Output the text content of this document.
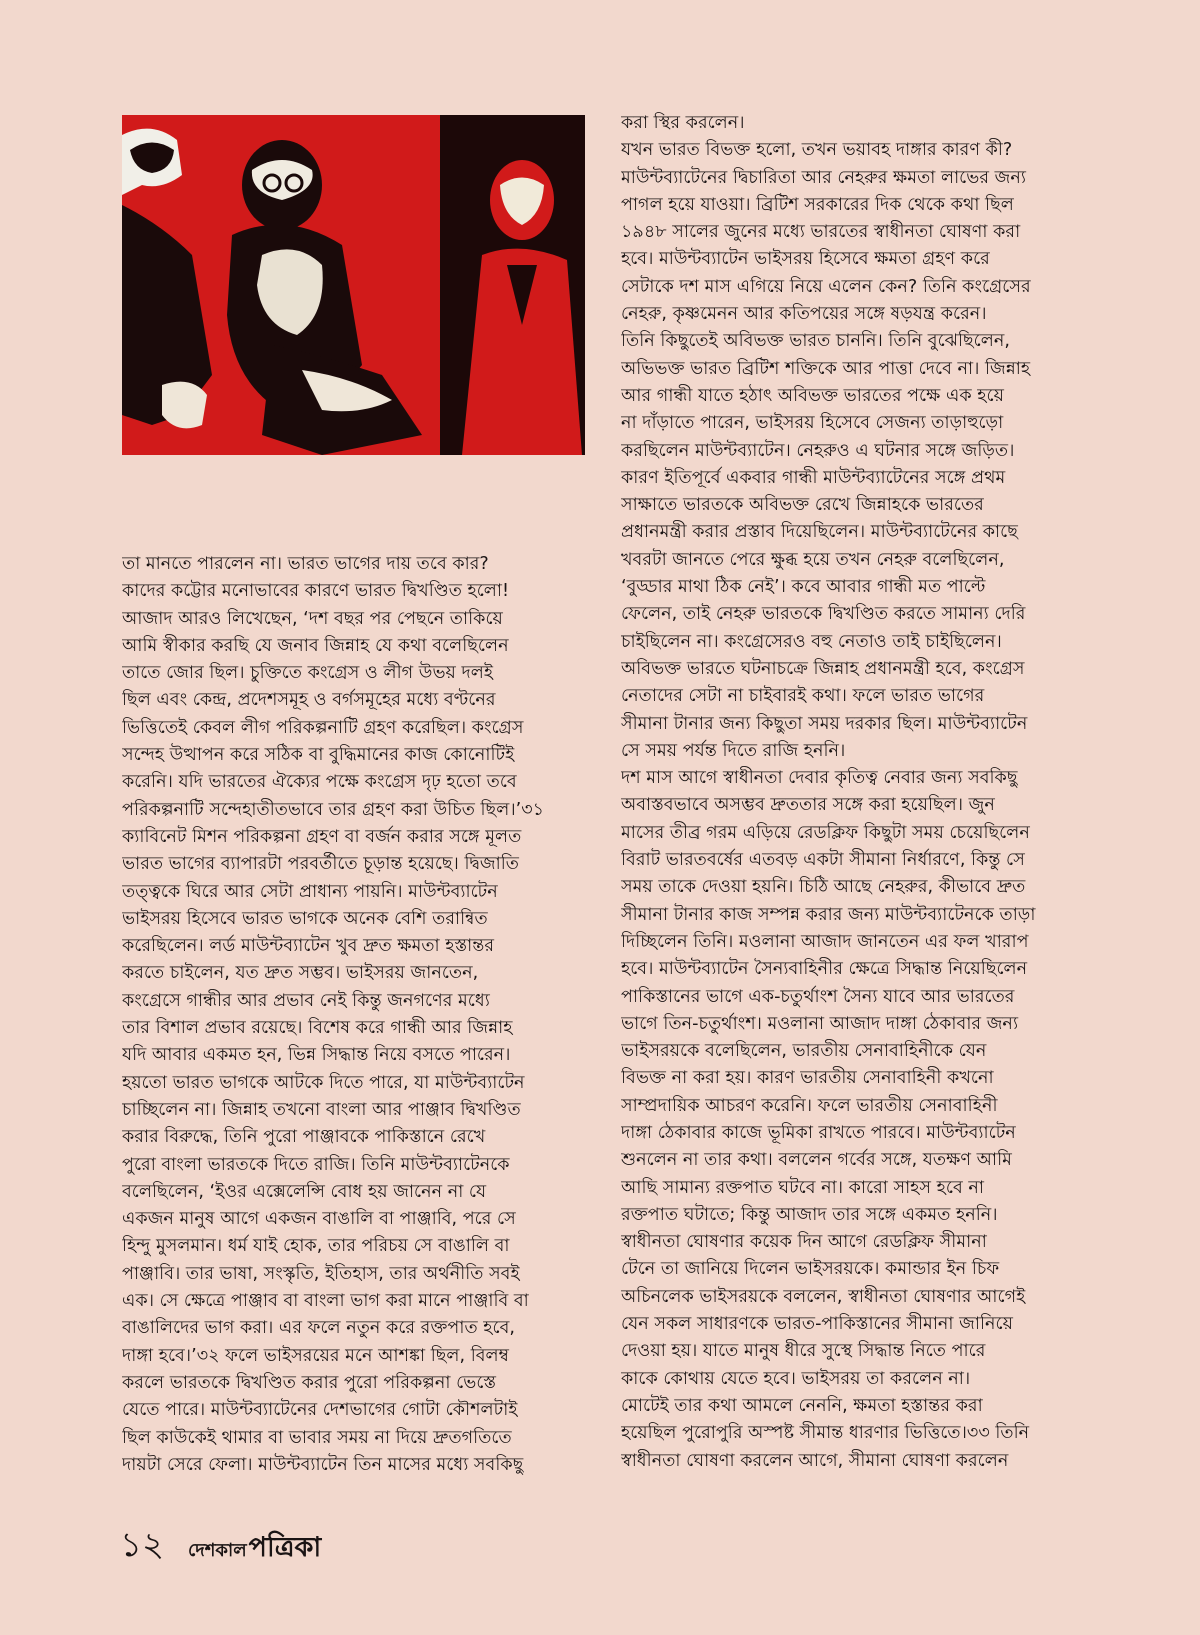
তা মানতে পারলেন না। ভারত ভাগের দায় তবে কার?
কাদের কট্টোর মনোভাবের কারণে ভারত দ্বিখণ্ডিত হলো!
আজাদ আরও লিখেছেন, ‘দশ বছর পর পেছনে তাকিয়ে
আমি স্বীকার করছি যে জনাব জিন্নাহ যে কথা বলেছিলেন
তাতে জোর ছিল। চুক্তিতে কংগ্রেস ও লীগ উভয় দলই
ছিল এবং কেন্দ্র, প্রদেশসমূহ ও বর্গসমূহের মধ্যে বণ্টনের
ভিত্তিতেই কেবল লীগ পরিকল্পনাটি গ্রহণ করেছিল। কংগ্রেস
সন্দেহ উত্থাপন করে সঠিক বা বুদ্ধিমানের কাজ কোনোটিই
করেনি। যদি ভারতের ঐক্যের পক্ষে কংগ্রেস দৃঢ় হতো তবে
পরিকল্পনাটি সন্দেহাতীতভাবে তার গ্রহণ করা উচিত ছিল।’৩১
ক্যাবিনেট মিশন পরিকল্পনা গ্রহণ বা বর্জন করার সঙ্গে মূলত
ভারত ভাগের ব্যাপারটা পরবর্তীতে চূড়ান্ত হয়েছে। দ্বিজাতি
তত্ত্বকে ঘিরে আর সেটা প্রাধান্য পায়নি। মাউন্টব্যাটেন
ভাইসরয় হিসেবে ভারত ভাগকে অনেক বেশি তরান্বিত
করেছিলেন। লর্ড মাউন্টব্যাটেন খুব দ্রুত ক্ষমতা হস্তান্তর
করতে চাইলেন, যত দ্রুত সম্ভব। ভাইসরয় জানতেন,
কংগ্রেসে গান্ধীর আর প্রভাব নেই কিন্তু জনগণের মধ্যে
তার বিশাল প্রভাব রয়েছে। বিশেষ করে গান্ধী আর জিন্নাহ
যদি আবার একমত হন, ভিন্ন সিদ্ধান্ত নিয়ে বসতে পারেন।
হয়তো ভারত ভাগকে আটকে দিতে পারে, যা মাউন্টব্যাটেন
চাচ্ছিলেন না। জিন্নাহ তখনো বাংলা আর পাঞ্জাব দ্বিখণ্ডিত
করার বিরুদ্ধে, তিনি পুরো পাঞ্জাবকে পাকিস্তানে রেখে
পুরো বাংলা ভারতকে দিতে রাজি। তিনি মাউন্টব্যাটেনকে
বলেছিলেন, ‘ইওর এক্সেলেন্সি বোধ হয় জানেন না যে
একজন মানুষ আগে একজন বাঙালি বা পাঞ্জাবি, পরে সে
হিন্দু মুসলমান। ধর্ম যাই হোক, তার পরিচয় সে বাঙালি বা
পাঞ্জাবি। তার ভাষা, সংস্কৃতি, ইতিহাস, তার অর্থনীতি সবই
এক। সে ক্ষেত্রে পাঞ্জাব বা বাংলা ভাগ করা মানে পাঞ্জাবি বা
বাঙালিদের ভাগ করা। এর ফলে নতুন করে রক্তপাত হবে,
দাঙ্গা হবে।’৩২ ফলে ভাইসরয়ের মনে আশঙ্কা ছিল, বিলম্ব
করলে ভারতকে দ্বিখণ্ডিত করার পুরো পরিকল্পনা ভেস্তে
যেতে পারে। মাউন্টব্যাটেনের দেশভাগের গোটা কৌশলটাই
ছিল কাউকেই থামার বা ভাবার সময় না দিয়ে দ্রুতগতিতে
দায়টা সেরে ফেলা। মাউন্টব্যাটেন তিন মাসের মধ্যে সবকিছু
করা স্থির করলেন।
যখন ভারত বিভক্ত হলো, তখন ভয়াবহ দাঙ্গার কারণ কী?
মাউন্টব্যাটেনের দ্বিচারিতা আর নেহরুর ক্ষমতা লাভের জন্য
পাগল হয়ে যাওয়া। ব্রিটিশ সরকারের দিক থেকে কথা ছিল
১৯৪৮ সালের জুনের মধ্যে ভারতের স্বাধীনতা ঘোষণা করা
হবে। মাউন্টব্যাটেন ভাইসরয় হিসেবে ক্ষমতা গ্রহণ করে
সেটাকে দশ মাস এগিয়ে নিয়ে এলেন কেন? তিনি কংগ্রেসের
নেহরু, কৃষ্ণমেনন আর কতিপয়ের সঙ্গে ষড়যন্ত্র করেন।
তিনি কিছুতেই অবিভক্ত ভারত চাননি। তিনি বুঝেছিলেন,
অভিভক্ত ভারত ব্রিটিশ শক্তিকে আর পাত্তা দেবে না। জিন্নাহ
আর গান্ধী যাতে হঠাৎ অবিভক্ত ভারতের পক্ষে এক হয়ে
না দাঁড়াতে পারেন, ভাইসরয় হিসেবে সেজন্য তাড়াহুড়ো
করছিলেন মাউন্টব্যাটেন। নেহরুও এ ঘটনার সঙ্গে জড়িত।
কারণ ইতিপূর্বে একবার গান্ধী মাউন্টব্যাটেনের সঙ্গে প্রথম
সাক্ষাতে ভারতকে অবিভক্ত রেখে জিন্নাহকে ভারতের
প্রধানমন্ত্রী করার প্রস্তাব দিয়েছিলেন। মাউন্টব্যাটেনের কাছে
খবরটা জানতে পেরে ক্ষুব্ধ হয়ে তখন নেহরু বলেছিলেন,
‘বুড্ডার মাথা ঠিক নেই’। কবে আবার গান্ধী মত পাল্টে
ফেলেন, তাই নেহরু ভারতকে দ্বিখণ্ডিত করতে সামান্য দেরি
চাইছিলেন না। কংগ্রেসেরও বহু নেতাও তাই চাইছিলেন।
অবিভক্ত ভারতে ঘটনাচক্রে জিন্নাহ প্রধানমন্ত্রী হবে, কংগ্রেস
নেতাদের সেটা না চাইবারই কথা। ফলে ভারত ভাগের
সীমানা টানার জন্য কিছুতা সময় দরকার ছিল। মাউন্টব্যাটেন
সে সময় পর্যন্ত দিতে রাজি হননি।
দশ মাস আগে স্বাধীনতা দেবার কৃতিত্ব নেবার জন্য সবকিছু
অবাস্তবভাবে অসম্ভব দ্রুততার সঙ্গে করা হয়েছিল। জুন
মাসের তীব্র গরম এড়িয়ে রেডক্লিফ কিছুটা সময় চেয়েছিলেন
বিরাট ভারতবর্ষের এতবড় একটা সীমানা নির্ধারণে, কিন্তু সে
সময় তাকে দেওয়া হয়নি। চিঠি আছে নেহরুর, কীভাবে দ্রুত
সীমানা টানার কাজ সম্পন্ন করার জন্য মাউন্টব্যাটেনকে তাড়া
দিচ্ছিলেন তিনি। মওলানা আজাদ জানতেন এর ফল খারাপ
হবে। মাউন্টব্যাটেন সৈন্যবাহিনীর ক্ষেত্রে সিদ্ধান্ত নিয়েছিলেন
পাকিস্তানের ভাগে এক-চতুর্থাংশ সৈন্য যাবে আর ভারতের
ভাগে তিন-চতুর্থাংশ। মওলানা আজাদ দাঙ্গা ঠেকাবার জন্য
ভাইসরয়কে বলেছিলেন, ভারতীয় সেনাবাহিনীকে যেন
বিভক্ত না করা হয়। কারণ ভারতীয় সেনাবাহিনী কখনো
সাম্প্রদায়িক আচরণ করেনি। ফলে ভারতীয় সেনাবাহিনী
দাঙ্গা ঠেকাবার কাজে ভূমিকা রাখতে পারবে। মাউন্টব্যাটেন
শুনলেন না তার কথা। বললেন গর্বের সঙ্গে, যতক্ষণ আমি
আছি সামান্য রক্তপাত ঘটবে না। কারো সাহস হবে না
রক্তপাত ঘটাতে; কিন্তু আজাদ তার সঙ্গে একমত হননি।
স্বাধীনতা ঘোষণার কয়েক দিন আগে রেডক্লিফ সীমানা
টেনে তা জানিয়ে দিলেন ভাইসরয়কে। কমান্ডার ইন চিফ
অচিনলেক ভাইসরয়কে বললেন, স্বাধীনতা ঘোষণার আগেই
যেন সকল সাধারণকে ভারত-পাকিস্তানের সীমানা জানিয়ে
দেওয়া হয়। যাতে মানুষ ধীরে সুস্থে সিদ্ধান্ত নিতে পারে
কাকে কোথায় যেতে হবে। ভাইসরয় তা করলেন না।
মোটেই তার কথা আমলে নেননি, ক্ষমতা হস্তান্তর করা
হয়েছিল পুরোপুরি অস্পষ্ট সীমান্ত ধারণার ভিত্তিতে।৩৩ তিনি
স্বাধীনতা ঘোষণা করলেন আগে, সীমানা ঘোষণা করলেন
১২ দেশকাল পত্রিকা
